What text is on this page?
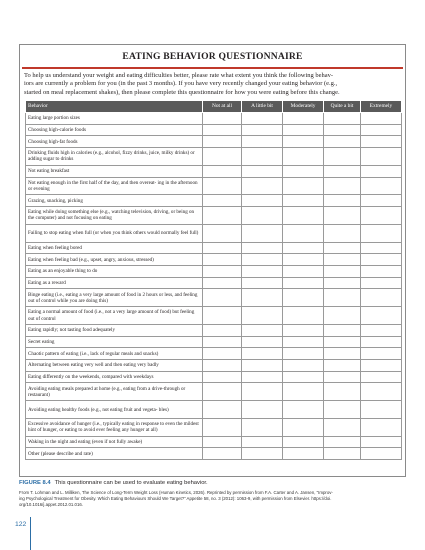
EATING BEHAVIOR QUESTIONNAIRE
To help us understand your weight and eating difficulties better, please rate what extent you think the following behav-
iors are currently a problem for you (in the past 3 months). If you have very recently changed your eating behavior (e.g.,
started on meal replacement shakes), then please complete this questionnaire for how you were eating before this change.
Behavior	Not at all	A little bit	Moderately	Quite a bit	Extremely
Eating large portion sizes					
Choosing high-calorie foods					
Choosing high-fat foods					
Drinking fluids high in calories (e.g., alcohol, fizzy drinks, juice, milky drinks) or adding sugar to drinks					
Not eating breakfast					
Not eating enough in the first half of the day, and then overeat- ing in the afternoon or evening					
Grazing, snacking, picking					
Eating while doing something else (e.g., watching television, driving, or being on the computer) and not focusing on eating					
Failing to stop eating when full (or when you think others would normally feel full)					
Eating when feeling bored					
Eating when feeling bad (e.g., upset, angry, anxious, stressed)					
Eating as an enjoyable thing to do					
Eating as a reward					
Binge eating (i.e., eating a very large amount of food in 2 hours or less, and feeling out of control while you are doing this)					
Eating a normal amount of food (i.e., not a very large amount of food) but feeling out of control					
Eating rapidly; not tasting food adequately					
Secret eating					
Chaotic pattern of eating (i.e., lack of regular meals and snacks)					
Alternating between eating very well and then eating very badly					
Eating differently on the weekends, compared with weekdays					
Avoiding eating meals prepared at home (e.g., eating from a drive-through or restaurant)					
Avoiding eating healthy foods (e.g., not eating fruit and vegeta- bles)					
Excessive avoidance of hunger (i.e., typically eating in response to even the mildest hint of hunger, or eating to avoid ever feeling any hunger at all)					
Waking in the night and eating (even if not fully awake)					
Other (please describe and rate)					
FIGURE 8.4 This questionnaire can be used to evaluate eating behavior.
From T. Lohman and L. Milliken, The Science of Long-Term Weight Loss (Human Kinetics, 2026). Reprinted by permission from F.A. Carter and A. Jansen, “Improv-
ing Psychological Treatment for Obesity. Which Eating Behaviours Should We Target?” Appetite 58, no. 3 (2012): 1063-9, with permission from Elsevier. https://doi.
org/10.1016/j.appet.2012.01.016.
122
